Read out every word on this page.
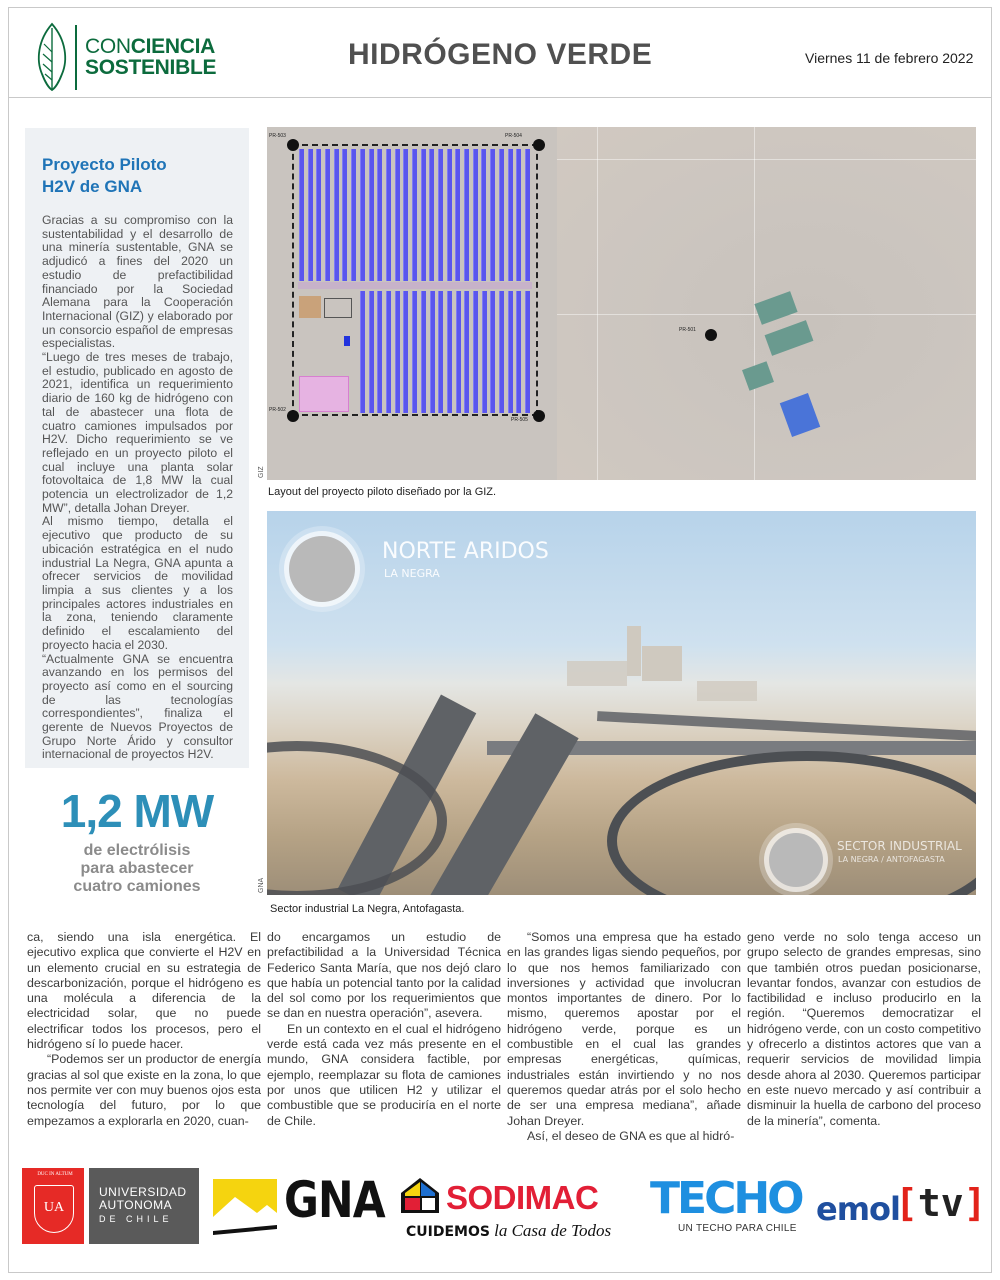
CONCIENCIA
SOSTENIBLE	HIDRÓGENO VERDE	Viernes 11 de febrero 2022
Proyecto Piloto
H2V de GNA

Gracias a su compromiso con la sustentabilidad y el desarrollo de una minería sustentable, GNA se adjudicó a fines del 2020 un estudio de prefactibilidad financiado por la Sociedad Alemana para la Cooperación Internacional (GIZ) y elaborado por un consorcio español de empresas especialistas.

“Luego de tres meses de trabajo, el estudio, publicado en agosto de 2021, identifica un requerimiento diario de 160 kg de hidrógeno con tal de abastecer una flota de cuatro camiones impulsados por H2V. Dicho requerimiento se ve reflejado en un proyecto piloto el cual incluye una planta solar fotovoltaica de 1,8 MW la cual potencia un electrolizador de 1,2 MW”, detalla Johan Dreyer.

Al mismo tiempo, detalla el ejecutivo que producto de su ubicación estratégica en el nudo industrial La Negra, GNA apunta a ofrecer servicios de movilidad limpia a sus clientes y a los principales actores industriales en la zona, teniendo claramente definido el escalamiento del proyecto hacia el 2030.

“Actualmente GNA se encuentra avanzando en los permisos del proyecto así como en el sourcing de las tecnologías correspondientes”, finaliza el gerente de Nuevos Proyectos de Grupo Norte Árido y consultor internacional de proyectos H2V.

1,2 MW
de electrólisis
para abastecer
cuatro camiones
PR-501
PR-503	PR-504
PR-502
PR-505
GIZ
Layout del proyecto piloto diseñado por la GIZ.
NORTE ARIDOS
LA NEGRA
SECTOR INDUSTRIAL
LA NEGRA / ANTOFAGASTA
GNA
Sector industrial La Negra, Antofagasta.

ca, siendo una isla energética. El ejecutivo explica que convierte el H2V en un elemento crucial en su estrategia de descarbonización, porque el hidrógeno es una molécula a diferencia de la electricidad solar, que no puede electrificar todos los procesos, pero el hidrógeno sí lo puede hacer.

“Podemos ser un productor de energía gracias al sol que existe en la zona, lo que nos permite ver con muy buenos ojos esta tecnología del futuro, por lo que empezamos a explorarla en 2020, cuan-

do encargamos un estudio de prefactibilidad a la Universidad Técnica Federico Santa María, que nos dejó claro que había un potencial tanto por la calidad del sol como por los requerimientos que se dan en nuestra operación”, asevera.

En un contexto en el cual el hidrógeno verde está cada vez más presente en el mundo, GNA considera factible, por ejemplo, reemplazar su flota de camiones por unos que utilicen H2 y utilizar el combustible que se produciría en el norte de Chile.

“Somos una empresa que ha estado en las grandes ligas siendo pequeños, por lo que nos hemos familiarizado con inversiones y actividad que involucran montos importantes de dinero. Por lo mismo, queremos apostar por el hidrógeno verde, porque es un combustible en el cual las grandes empresas energéticas, químicas, industriales están invirtiendo y no nos queremos quedar atrás por el solo hecho de ser una empresa mediana”, añade Johan Dreyer.

Así, el deseo de GNA es que al hidró-

geno verde no solo tenga acceso un grupo selecto de grandes empresas, sino que también otros puedan posicionarse, levantar fondos, avanzar con estudios de factibilidad e incluso producirlo en la región. “Queremos democratizar el hidrógeno verde, con un costo competitivo y ofrecerlo a distintos actores que van a requerir servicios de movilidad limpia desde ahora al 2030. Queremos participar en este nuevo mercado y así contribuir a disminuir la huella de carbono del proceso de la minería”, comenta.

DUC IN ALTUM
UA
UNIVERSIDAD
AUTONOMA
DE CHILE	GNA SODIMAC
CUIDEMOS la Casa de Todos
TECHO
UN TECHO PARA CHILE
emol
[tv]
